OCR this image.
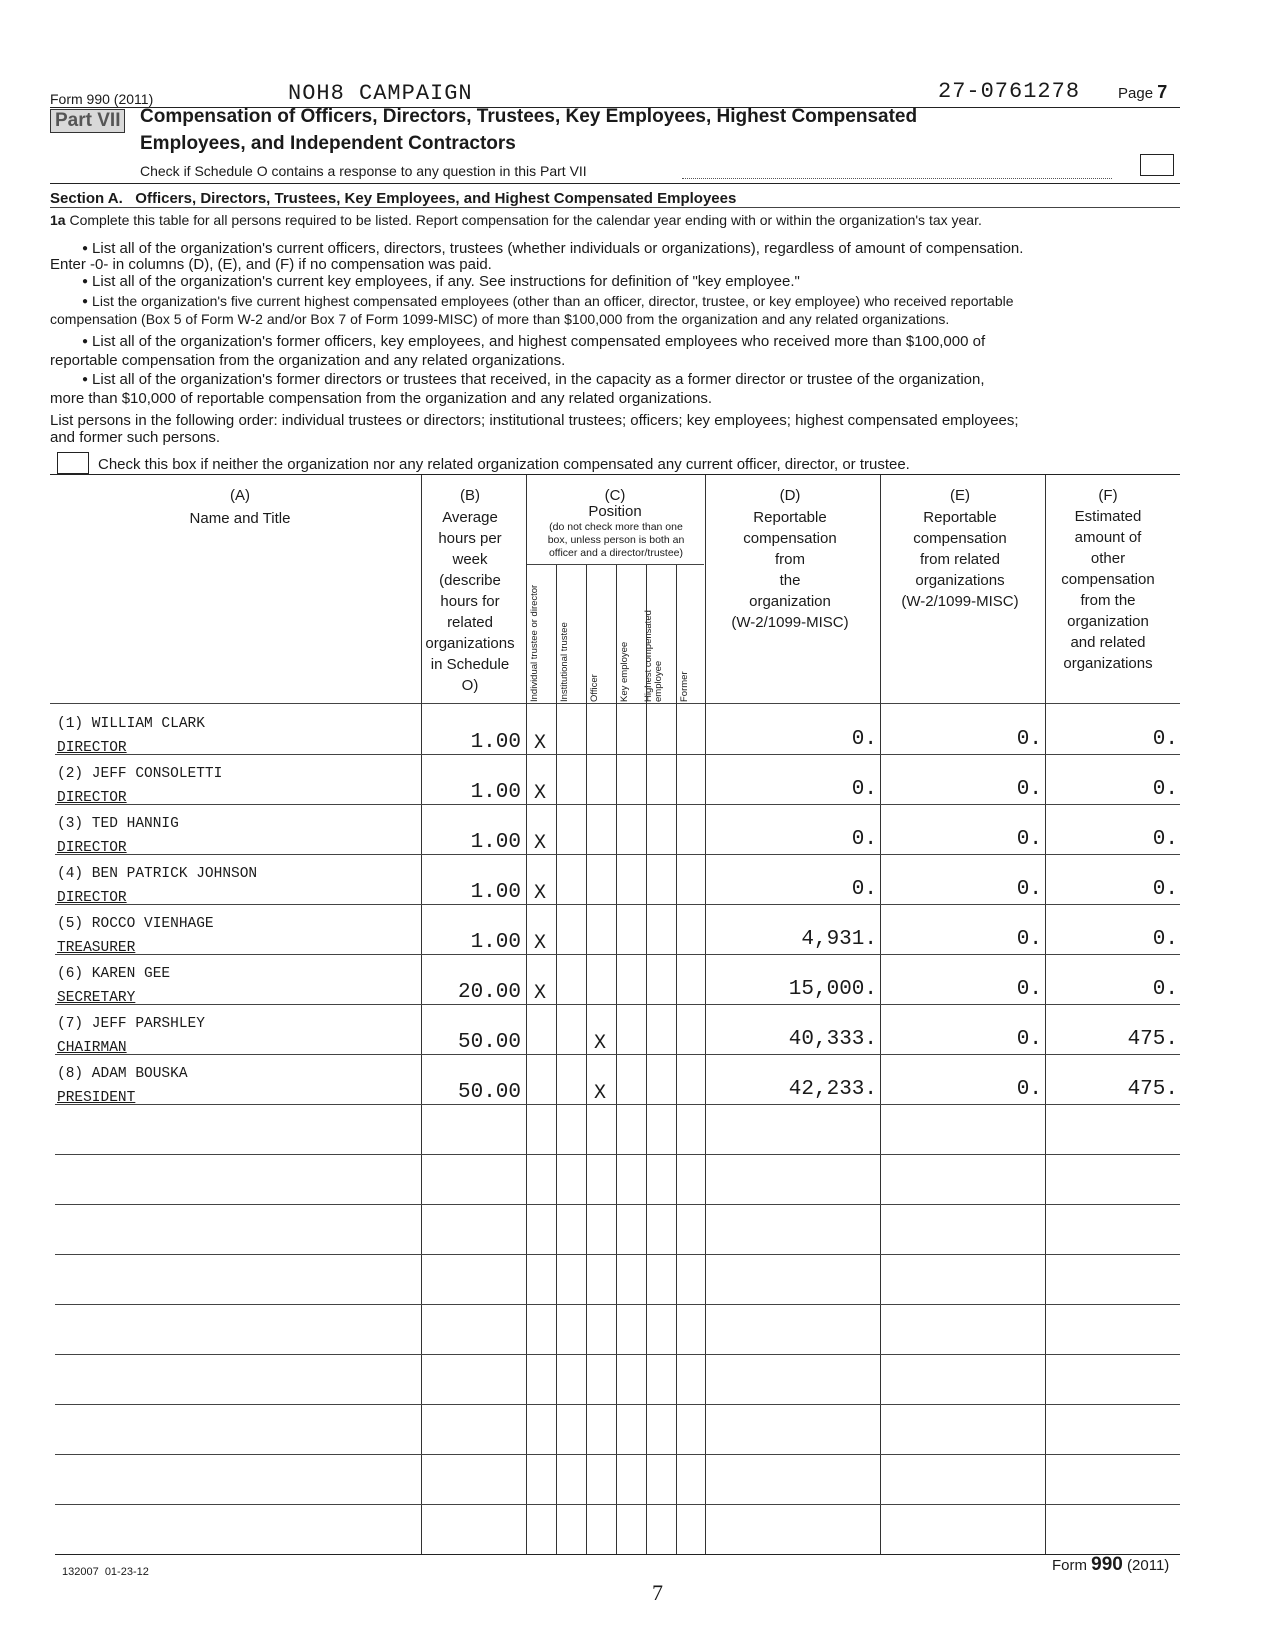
Form 990 (2011)	NOH8 CAMPAIGN	27-0761278	Page 7
Part VII Compensation of Officers, Directors, Trustees, Key Employees, Highest Compensated
Employees, and Independent Contractors
Check if Schedule O contains a response to any question in this Part VII
Section A.   Officers, Directors, Trustees, Key Employees, and Highest Compensated Employees
1a Complete this table for all persons required to be listed. Report compensation for the calendar year ending with or within the organization's tax year.
● List all of the organization's current officers, directors, trustees (whether individuals or organizations), regardless of amount of compensation.
Enter -0- in columns (D), (E), and (F) if no compensation was paid.
● List all of the organization's current key employees, if any. See instructions for definition of "key employee."
● List the organization's five current highest compensated employees (other than an officer, director, trustee, or key employee) who received reportable
compensation (Box 5 of Form W-2 and/or Box 7 of Form 1099-MISC) of more than $100,000 from the organization and any related organizations.
● List all of the organization's former officers, key employees, and highest compensated employees who received more than $100,000 of
reportable compensation from the organization and any related organizations.
● List all of the organization's former directors or trustees that received, in the capacity as a former director or trustee of the organization,
more than $10,000 of reportable compensation from the organization and any related organizations.
List persons in the following order: individual trustees or directors; institutional trustees; officers; key employees; highest compensated employees;
and former such persons.
Check this box if neither the organization nor any related organization compensated any current officer, director, or trustee.
(A)
Name and Title
(B)
Average
hours per
week
(describe
hours for
related
organizations
in Schedule
O)
(C)
Position
(do not check more than one
box, unless person is both an
officer and a director/trustee)
Individual trustee or director Institutional trustee Officer Key employee Highest compensated employee Former
(D)
Reportable
compensation
from
the
organization
(W-2/1099-MISC)
(E)
Reportable
compensation
from related
organizations
(W-2/1099-MISC)
(F)
Estimated
amount of
other
compensation
from the
organization
and related
organizations
(1) WILLIAM CLARK
DIRECTOR	1.00 X	0.	0.	0.
(2) JEFF CONSOLETTI
DIRECTOR	1.00 X	0.	0.	0.
(3) TED HANNIG
DIRECTOR	1.00 X	0.	0.	0.
(4) BEN PATRICK JOHNSON
DIRECTOR	1.00 X	0.	0.	0.
(5) ROCCO VIENHAGE
TREASURER	1.00 X	4,931.	0.	0.
(6) KAREN GEE
SECRETARY	20.00 X	15,000.	0.	0.
(7) JEFF PARSHLEY
CHAIRMAN	50.00	X	40,333.	0.	475.
(8) ADAM BOUSKA
PRESIDENT	50.00	X	42,233.	0.	475.
132007  01-23-12
7
Form 990 (2011)
